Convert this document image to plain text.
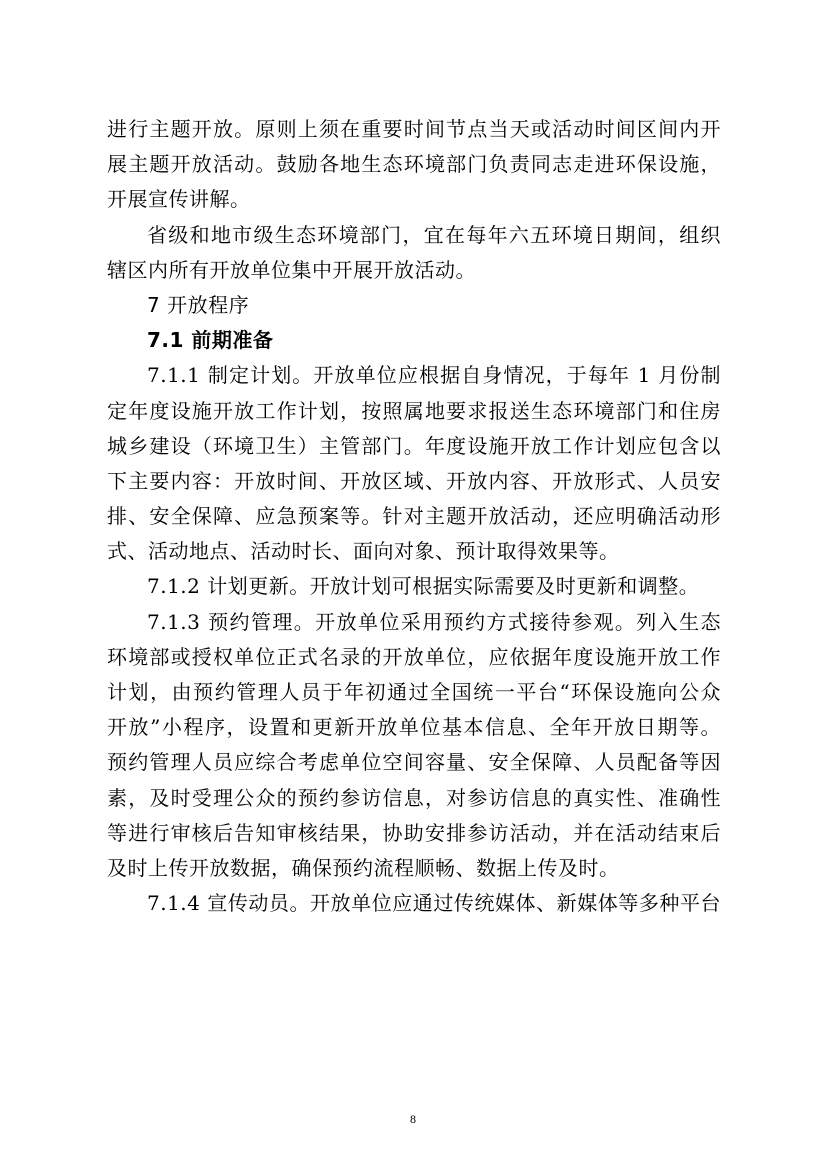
进行主题开放。原则上须在重要时间节点当天或活动时间区间内开
展主题开放活动。鼓励各地生态环境部门负责同志走进环保设施，
开展宣传讲解。
省级和地市级生态环境部门，宜在每年六五环境日期间，组织
辖区内所有开放单位集中开展开放活动。
7 开放程序
7.1 前期准备
7.1.1 制定计划。开放单位应根据自身情况，于每年 1 月份制
定年度设施开放工作计划，按照属地要求报送生态环境部门和住房
城乡建设（环境卫生）主管部门。年度设施开放工作计划应包含以
下主要内容：开放时间、开放区域、开放内容、开放形式、人员安
排、安全保障、应急预案等。针对主题开放活动，还应明确活动形
式、活动地点、活动时长、面向对象、预计取得效果等。
7.1.2 计划更新。开放计划可根据实际需要及时更新和调整。
7.1.3 预约管理。开放单位采用预约方式接待参观。列入生态
环境部或授权单位正式名录的开放单位，应依据年度设施开放工作
计划，由预约管理人员于年初通过全国统一平台“环保设施向公众
开放”小程序，设置和更新开放单位基本信息、全年开放日期等。
预约管理人员应综合考虑单位空间容量、安全保障、人员配备等因
素，及时受理公众的预约参访信息，对参访信息的真实性、准确性
等进行审核后告知审核结果，协助安排参访活动，并在活动结束后
及时上传开放数据，确保预约流程顺畅、数据上传及时。
7.1.4 宣传动员。开放单位应通过传统媒体、新媒体等多种平台
8
